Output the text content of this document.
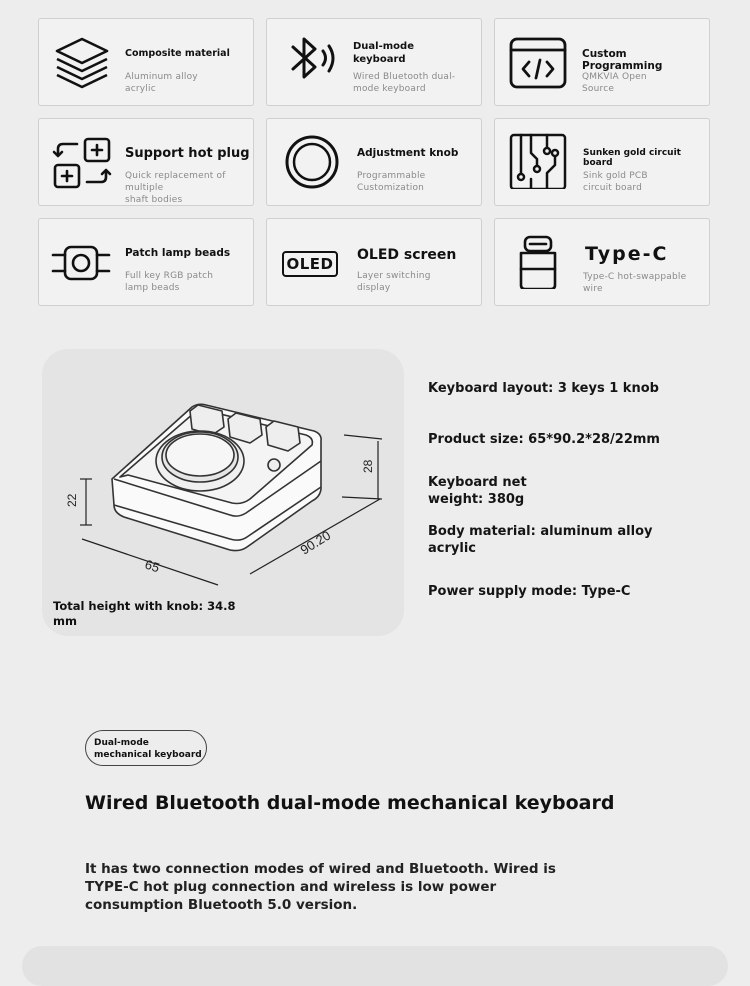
Composite material
Aluminum alloy
acrylic
Dual-mode
keyboard
Wired Bluetooth dual-
mode keyboard
Custom Programming
QMKVIA Open
Source
Support hot plug
Quick replacement of multiple
shaft bodies
Adjustment knob
Programmable
Customization
Sunken gold circuit board
Sink gold PCB
circuit board
Patch lamp beads
Full key RGB patch
lamp beads
OLED	OLED screen
Layer switching
display
Type-C
Type-C hot-swappable
wire
22
65
90.20
28
Total height with knob: 34.8
mm
Keyboard layout: 3 keys 1 knob
Product size: 65*90.2*28/22mm
Keyboard net
weight: 380g
Body material: aluminum alloy
acrylic
Power supply mode: Type-C
Dual-mode
mechanical keyboard
Wired Bluetooth dual-mode mechanical keyboard
It has two connection modes of wired and Bluetooth. Wired is TYPE-C hot plug connection and wireless is low power consumption Bluetooth 5.0 version.
